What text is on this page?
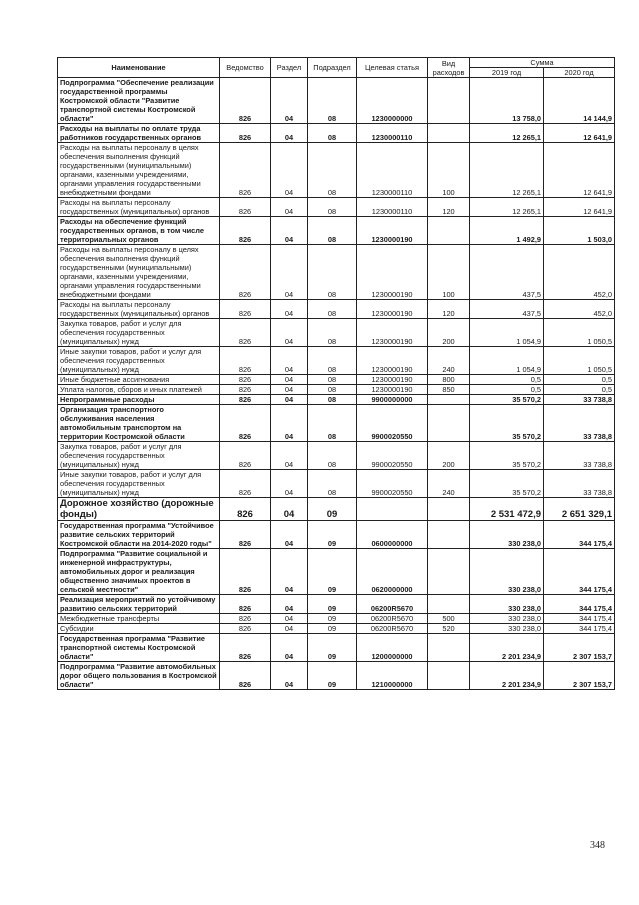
Наименование	Ведомство	Раздел	Подраздел	Целевая статья	Вид расходов	Сумма	
						2019 год	2020 год
Подпрограмма "Обеспечение реализации государственной программы Костромской области "Развитие транспортной системы Костромской области"	826	04	08	1230000000		13 758,0	14 144,9
Расходы на выплаты по оплате труда работников государственных органов	826	04	08	1230000110		12 265,1	12 641,9
Расходы на выплаты персоналу в целях обеспечения выполнения функций государственными (муниципальными) органами, казенными учреждениями, органами управления государственными внебюджетными фондами	826	04	08	1230000110	100	12 265,1	12 641,9
Расходы на выплаты персоналу государственных (муниципальных) органов	826	04	08	1230000110	120	12 265,1	12 641,9
Расходы на обеспечение функций государственных органов, в том числе территориальных органов	826	04	08	1230000190		1 492,9	1 503,0
Расходы на выплаты персоналу в целях обеспечения выполнения функций государственными (муниципальными) органами, казенными учреждениями, органами управления государственными внебюджетными фондами	826	04	08	1230000190	100	437,5	452,0
Расходы на выплаты персоналу государственных (муниципальных) органов	826	04	08	1230000190	120	437,5	452,0
Закупка товаров, работ и услуг для обеспечения государственных (муниципальных) нужд	826	04	08	1230000190	200	1 054,9	1 050,5
Иные закупки товаров, работ и услуг для обеспечения государственных (муниципальных) нужд	826	04	08	1230000190	240	1 054,9	1 050,5
Иные бюджетные ассигнования	826	04	08	1230000190	800	0,5	0,5
Уплата налогов, сборов и иных платежей	826	04	08	1230000190	850	0,5	0,5
Непрограммные расходы	826	04	08	9900000000		35 570,2	33 738,8
Организация транспортного обслуживания населения автомобильным транспортом на территории Костромской области	826	04	08	9900020550		35 570,2	33 738,8
Закупка товаров, работ и услуг для обеспечения государственных (муниципальных) нужд	826	04	08	9900020550	200	35 570,2	33 738,8
Иные закупки товаров, работ и услуг для обеспечения государственных (муниципальных) нужд	826	04	08	9900020550	240	35 570,2	33 738,8
Дорожное хозяйство (дорожные фонды)	826	04	09			2 531 472,9	2 651 329,1
Государственная программа "Устойчивое развитие сельских территорий Костромской области на 2014-2020 годы"	826	04	09	0600000000		330 238,0	344 175,4
Подпрограмма "Развитие социальной и инженерной инфраструктуры, автомобильных дорог и реализация общественно значимых проектов в сельской местности"	826	04	09	0620000000		330 238,0	344 175,4
Реализация мероприятий по устойчивому развитию сельских территорий	826	04	09	06200R5670		330 238,0	344 175,4
Межбюджетные трансферты	826	04	09	06200R5670	500	330 238,0	344 175,4
Субсидии	826	04	09	06200R5670	520	330 238,0	344 175,4
Государственная программа "Развитие транспортной системы Костромской области"	826	04	09	1200000000		2 201 234,9	2 307 153,7
Подпрограмма "Развитие автомобильных дорог общего пользования в Костромской области"	826	04	09	1210000000		2 201 234,9	2 307 153,7
348
